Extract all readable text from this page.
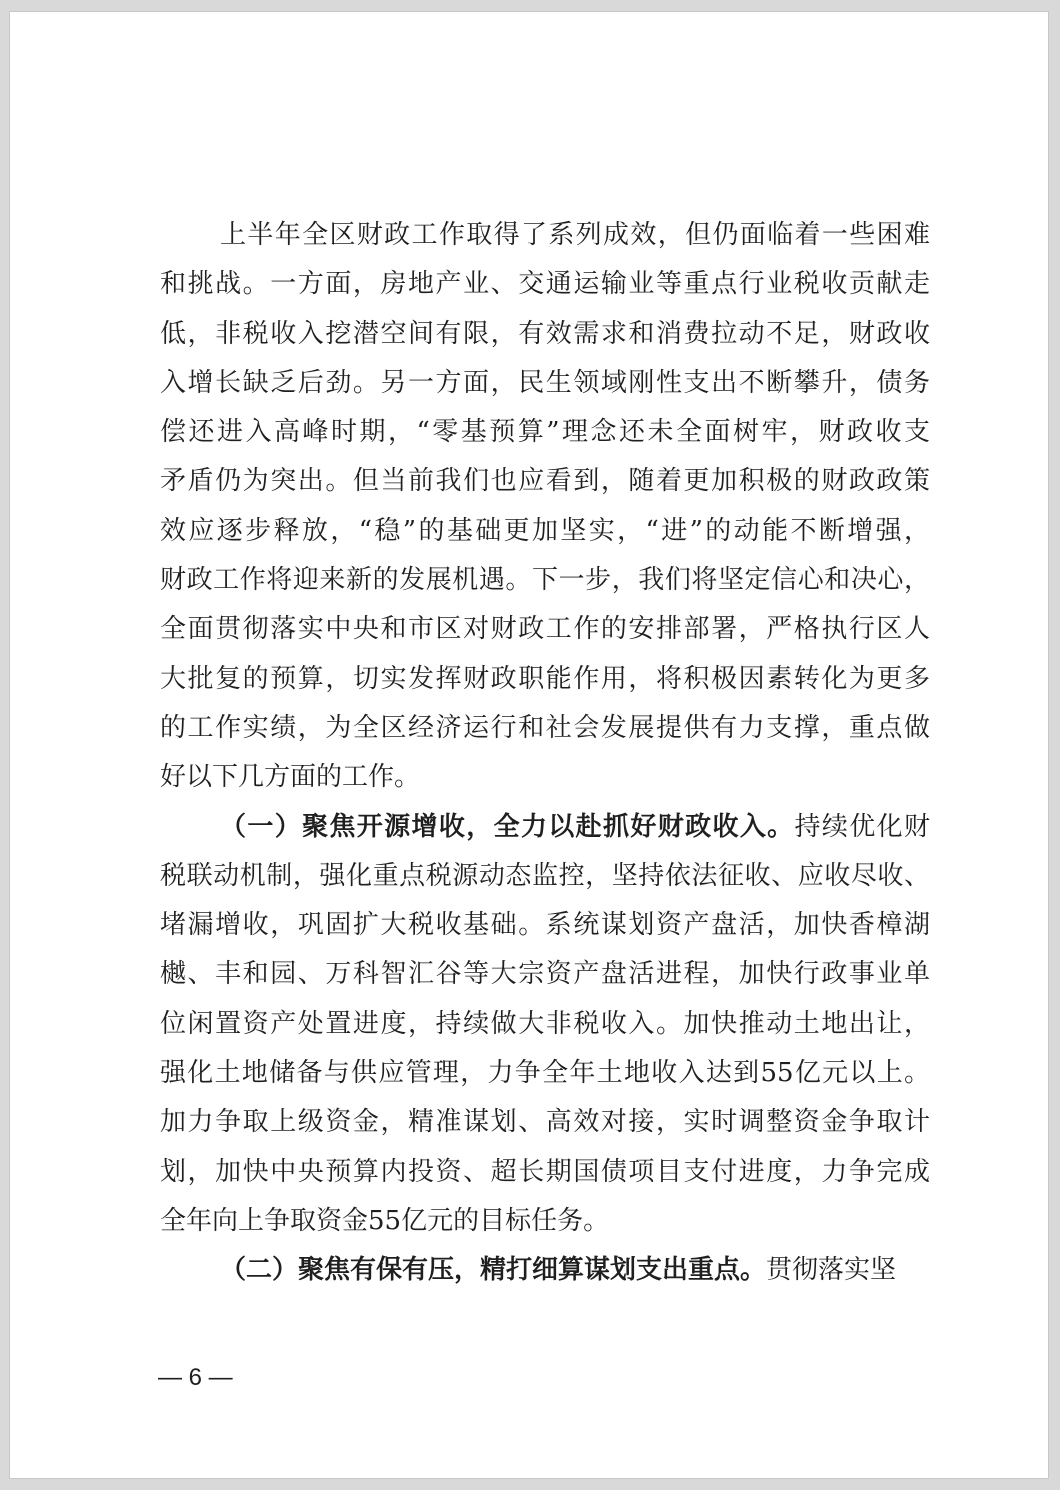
上半年全区财政工作取得了系列成效，但仍面临着一些困难
和挑战。一方面，房地产业、交通运输业等重点行业税收贡献走
低，非税收入挖潜空间有限，有效需求和消费拉动不足，财政收
入增长缺乏后劲。另一方面，民生领域刚性支出不断攀升，债务
偿还进入高峰时期，“零基预算”理念还未全面树牢，财政收支
矛盾仍为突出。但当前我们也应看到，随着更加积极的财政政策
效应逐步释放，“稳”的基础更加坚实，“进”的动能不断增强，
财政工作将迎来新的发展机遇。下一步，我们将坚定信心和决心，
全面贯彻落实中央和市区对财政工作的安排部署，严格执行区人
大批复的预算，切实发挥财政职能作用，将积极因素转化为更多
的工作实绩，为全区经济运行和社会发展提供有力支撑，重点做
好以下几方面的工作。
（一）聚焦开源增收，全力以赴抓好财政收入。持续优化财
税联动机制，强化重点税源动态监控，坚持依法征收、应收尽收、
堵漏增收，巩固扩大税收基础。系统谋划资产盘活，加快香樟湖
樾、丰和园、万科智汇谷等大宗资产盘活进程，加快行政事业单
位闲置资产处置进度，持续做大非税收入。加快推动土地出让，
强化土地储备与供应管理，力争全年土地收入达到55亿元以上。
加力争取上级资金，精准谋划、高效对接，实时调整资金争取计
划，加快中央预算内投资、超长期国债项目支付进度，力争完成
全年向上争取资金55亿元的目标任务。
（二）聚焦有保有压，精打细算谋划支出重点。贯彻落实坚
— 6 —
